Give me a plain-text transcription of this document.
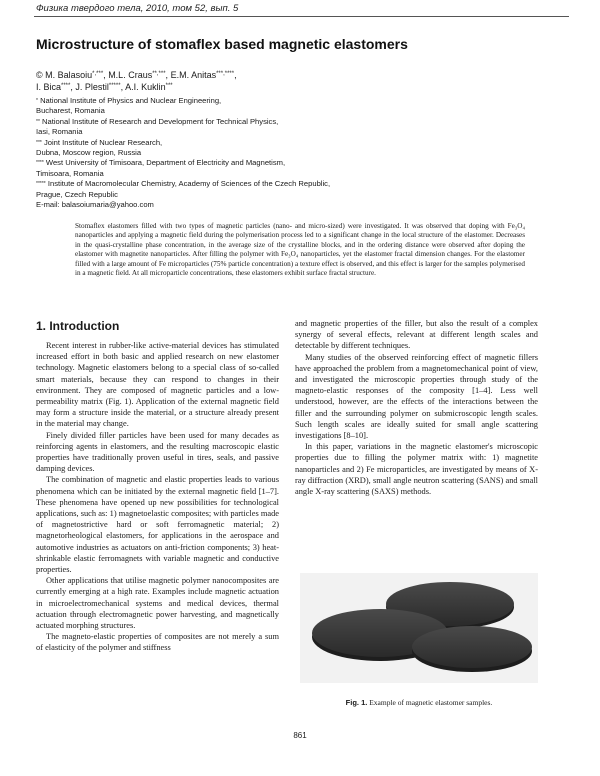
Физика твердого тела, 2010, том 52, вып. 5
Microstructure of stomaflex based magnetic elastomers
© M. Balasoiu*,***, M.L. Craus**,***, E.M. Anitas***,****,
I. Bica****, J. Plestil*****, A.I. Kuklin***
* National Institute of Physics and Nuclear Engineering,
Bucharest, Romania
** National Institute of Research and Development for Technical Physics,
Iasi, Romania
*** Joint Institute of Nuclear Research,
Dubna, Moscow region, Russia
**** West University of Timisoara, Department of Electricity and Magnetism,
Timisoara, Romania
***** Institute of Macromolecular Chemistry, Academy of Sciences of the Czech Republic,
Prague, Czech Republic
E-mail: balasoiumaria@yahoo.com
Stomaflex elastomers filled with two types of magnetic particles (nano- and micro-sized) were investigated. It was observed that doping with Fe₃O₄ nanoparticles and applying a magnetic field during the polymerisation process led to a significant change in the local structure of the elastomer. Decreases in the quasi-crystalline phase concentration, in the average size of the crystalline blocks, and in the ordering distance were observed after doping the elastomer with magnetite nanoparticles. After filling the polymer with Fe₃O₄ nanoparticles, yet the elastomer fractal dimension changes. For the elastomer filled with a large amount of Fe microparticles (75% particle concentration) a texture effect is observed, and this effect is larger for the samples polymerised in a magnetic field. At all microparticle concentrations, these elastomers exhibit surface fractal structure.
1. Introduction

Recent interest in rubber-like active-material devices has stimulated increased effort in both basic and applied research on new elastomer technology. Magnetic elastomers belong to a special class of so-called smart materials, because they can respond to changes in their environment. They are composed of magnetic particles and a low-permeability matrix (Fig. 1). Application of the external magnetic field may form a structure inside the material, or a structure already present in the material may change.

Finely divided filler particles have been used for many decades as reinforcing agents in elastomers, and the resulting macroscopic elastic properties have traditionally proven useful in tires, seals, and passive damping devices.

The combination of magnetic and elastic properties leads to various phenomena which can be initiated by the external magnetic field [1–7]. These phenomena have opened up new possibilities for technological applications, such as: 1) magnetoelastic composites; with particles made of magnetostrictive hard or soft ferromagnetic material; 2) magnetorheological elastomers, for applications in the aerospace and automotive industries as actuators on anti-friction components; 3) heat-shrinkable elastic ferromagnets with variable magnetic and conductive properties.

Other applications that utilise magnetic polymer nanocomposites are currently emerging at a high rate. Examples include magnetic actuation in microelectromechanical systems and medical devices, thermal actuation through electromagnetic power harvesting, and magnetically actuated morphing structures.

The magneto-elastic properties of composites are not merely a sum of elasticity of the polymer and stiffness

and magnetic properties of the filler, but also the result of a complex synergy of several effects, relevant at different length scales and detectable by different techniques.

Many studies of the observed reinforcing effect of magnetic fillers have approached the problem from a magnetomechanical point of view, and investigated the microscopic properties through study of the magneto-elastic responses of the composity [1–4]. Less well understood, however, are the effects of the interactions between the filler and the surrounding polymer on submicroscopic length scales. Such length scales are ideally suited for small angle scattering investigations [8–10].

In this paper, variations in the magnetic elastomer's microscopic properties due to filling the polymer matrix with: 1) magnetite nanoparticles and 2) Fe microparticles, are investigated by means of X-ray diffraction (XRD), small angle neutron scattering (SANS) and small angle X-ray scattering (SAXS) methods.

Fig. 1. Example of magnetic elastomer samples.
861
